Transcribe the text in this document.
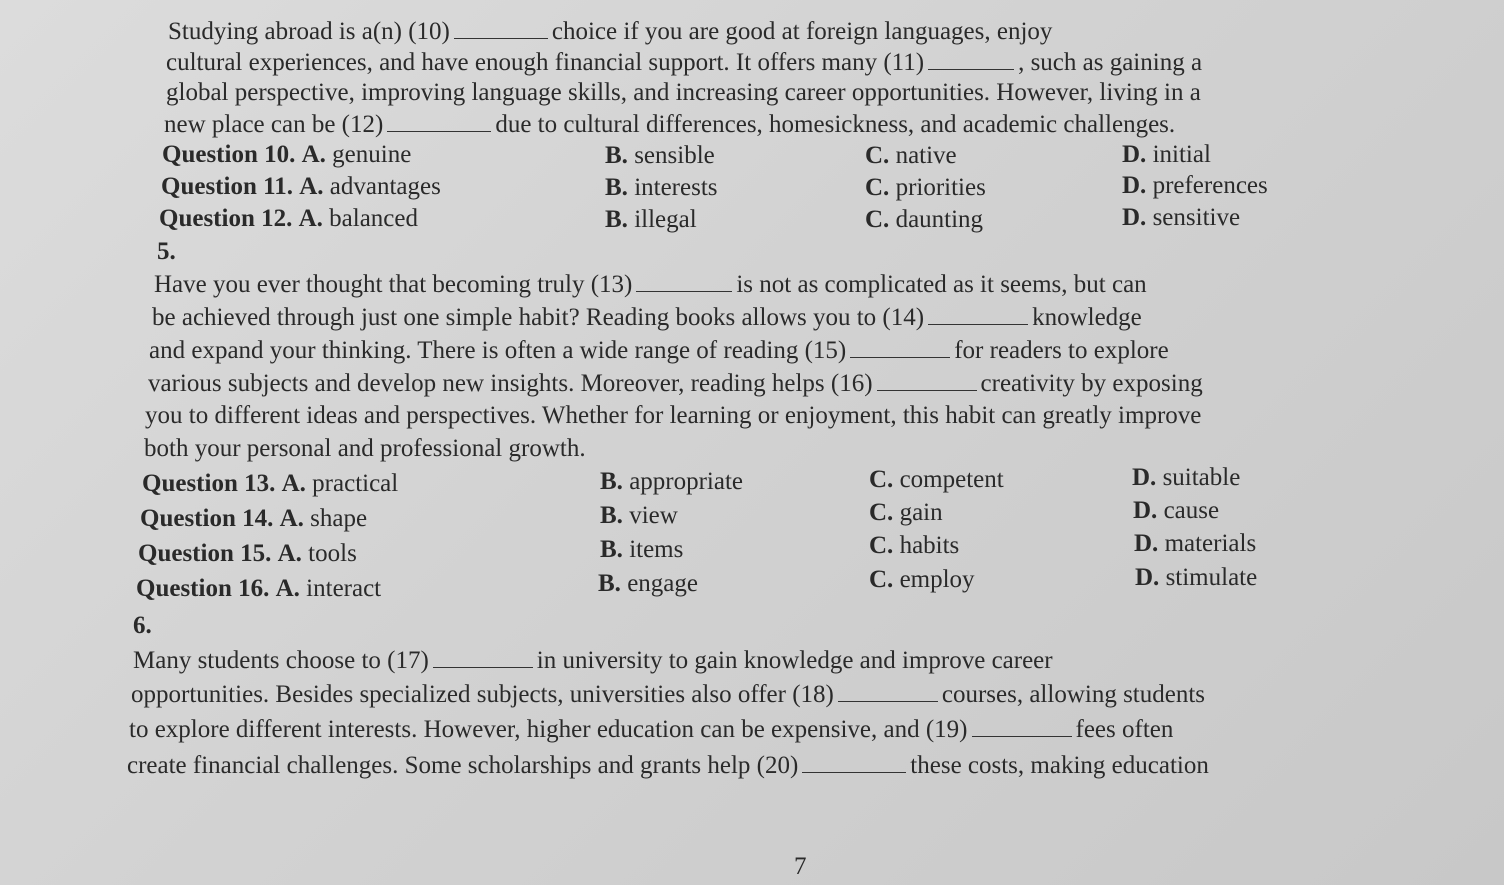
Studying abroad is a(n) (10)	choice if you are good at foreign languages, enjoy
cultural experiences, and have enough financial support. It offers many (11)	, such as gaining a
global perspective, improving language skills, and increasing career opportunities. However, living in a
new place can be (12)	due to cultural differences, homesickness, and academic challenges.
Question 10. A. genuine	B. sensible	C. native	D. initial
Question 11. A. advantages	B. interests	C. priorities	D. preferences
Question 12. A. balanced	B. illegal	C. daunting	D. sensitive
5.
Have you ever thought that becoming truly (13)	is not as complicated as it seems, but can
be achieved through just one simple habit? Reading books allows you to (14)	knowledge
and expand your thinking. There is often a wide range of reading (15)	for readers to explore
various subjects and develop new insights. Moreover, reading helps (16)	creativity by exposing
you to different ideas and perspectives. Whether for learning or enjoyment, this habit can greatly improve
both your personal and professional growth.
Question 13. A. practical	B. appropriate	C. competent	D. suitable
Question 14. A. shape	B. view	C. gain	D. cause
Question 15. A. tools	B. items	C. habits	D. materials
Question 16. A. interact	B. engage	C. employ	D. stimulate
6.
Many students choose to (17)	in university to gain knowledge and improve career
opportunities. Besides specialized subjects, universities also offer (18)	courses, allowing students
to explore different interests. However, higher education can be expensive, and (19)	fees often
create financial challenges. Some scholarships and grants help (20)	these costs, making education
7
